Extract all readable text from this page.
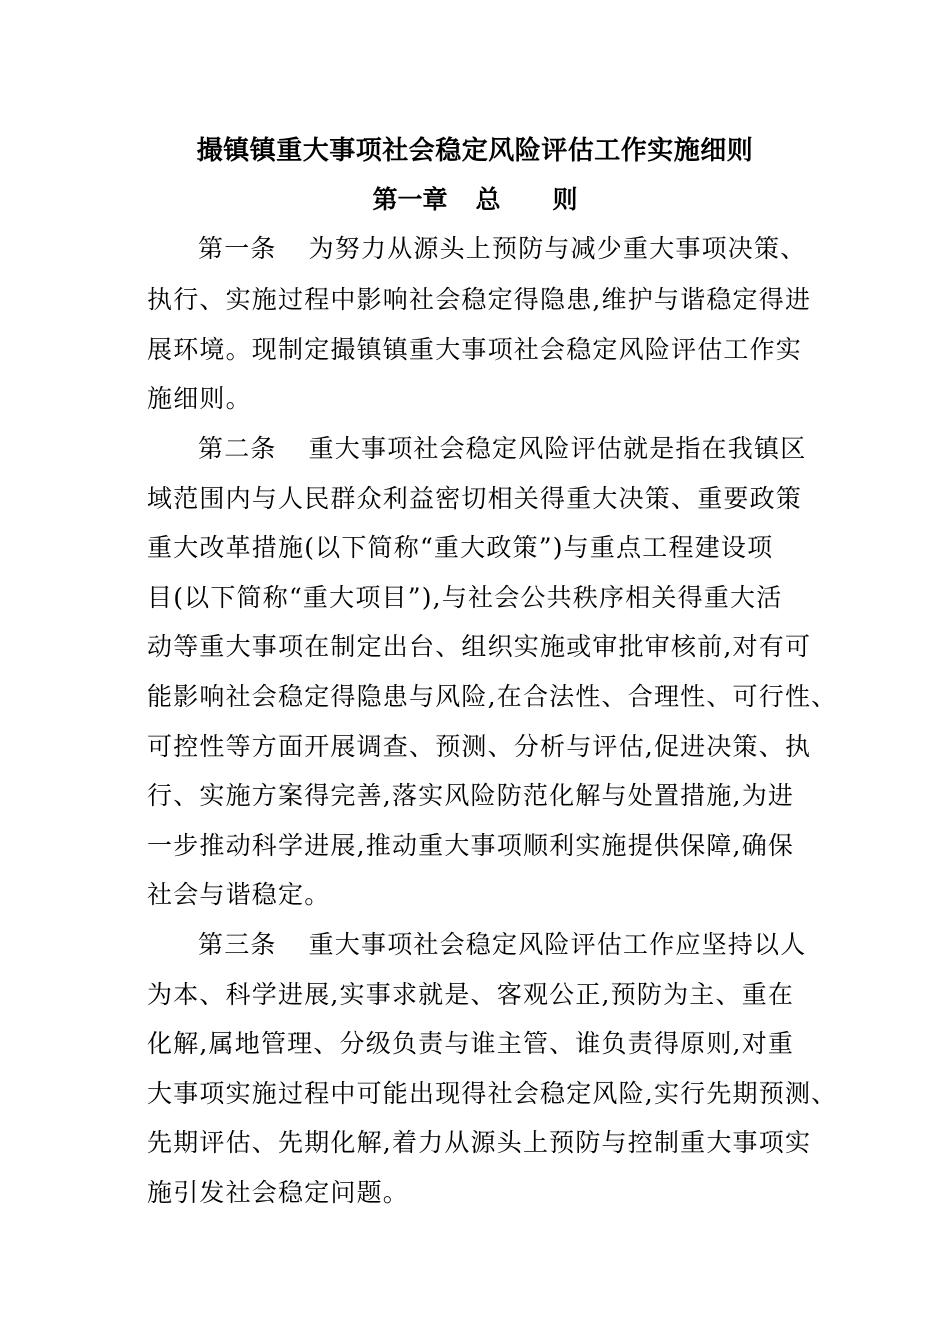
撮镇镇重大事项社会稳定风险评估工作实施细则
第一章 总 则
第一条 为努力从源头上预防与减少重大事项决策、
执行、实施过程中影响社会稳定得隐患,维护与谐稳定得进
展环境。现制定撮镇镇重大事项社会稳定风险评估工作实
施细则。
第二条 重大事项社会稳定风险评估就是指在我镇区
域范围内与人民群众利益密切相关得重大决策、重要政策
重大改革措施(以下简称“重大政策”)与重点工程建设项
目(以下简称“重大项目”),与社会公共秩序相关得重大活
动等重大事项在制定出台、组织实施或审批审核前,对有可
能影响社会稳定得隐患与风险,在合法性、合理性、可行性、
可控性等方面开展调查、预测、分析与评估,促进决策、执
行、实施方案得完善,落实风险防范化解与处置措施,为进
一步推动科学进展,推动重大事项顺利实施提供保障,确保
社会与谐稳定。
第三条 重大事项社会稳定风险评估工作应坚持以人
为本、科学进展,实事求就是、客观公正,预防为主、重在
化解,属地管理、分级负责与谁主管、谁负责得原则,对重
大事项实施过程中可能出现得社会稳定风险,实行先期预测、
先期评估、先期化解,着力从源头上预防与控制重大事项实
施引发社会稳定问题。
